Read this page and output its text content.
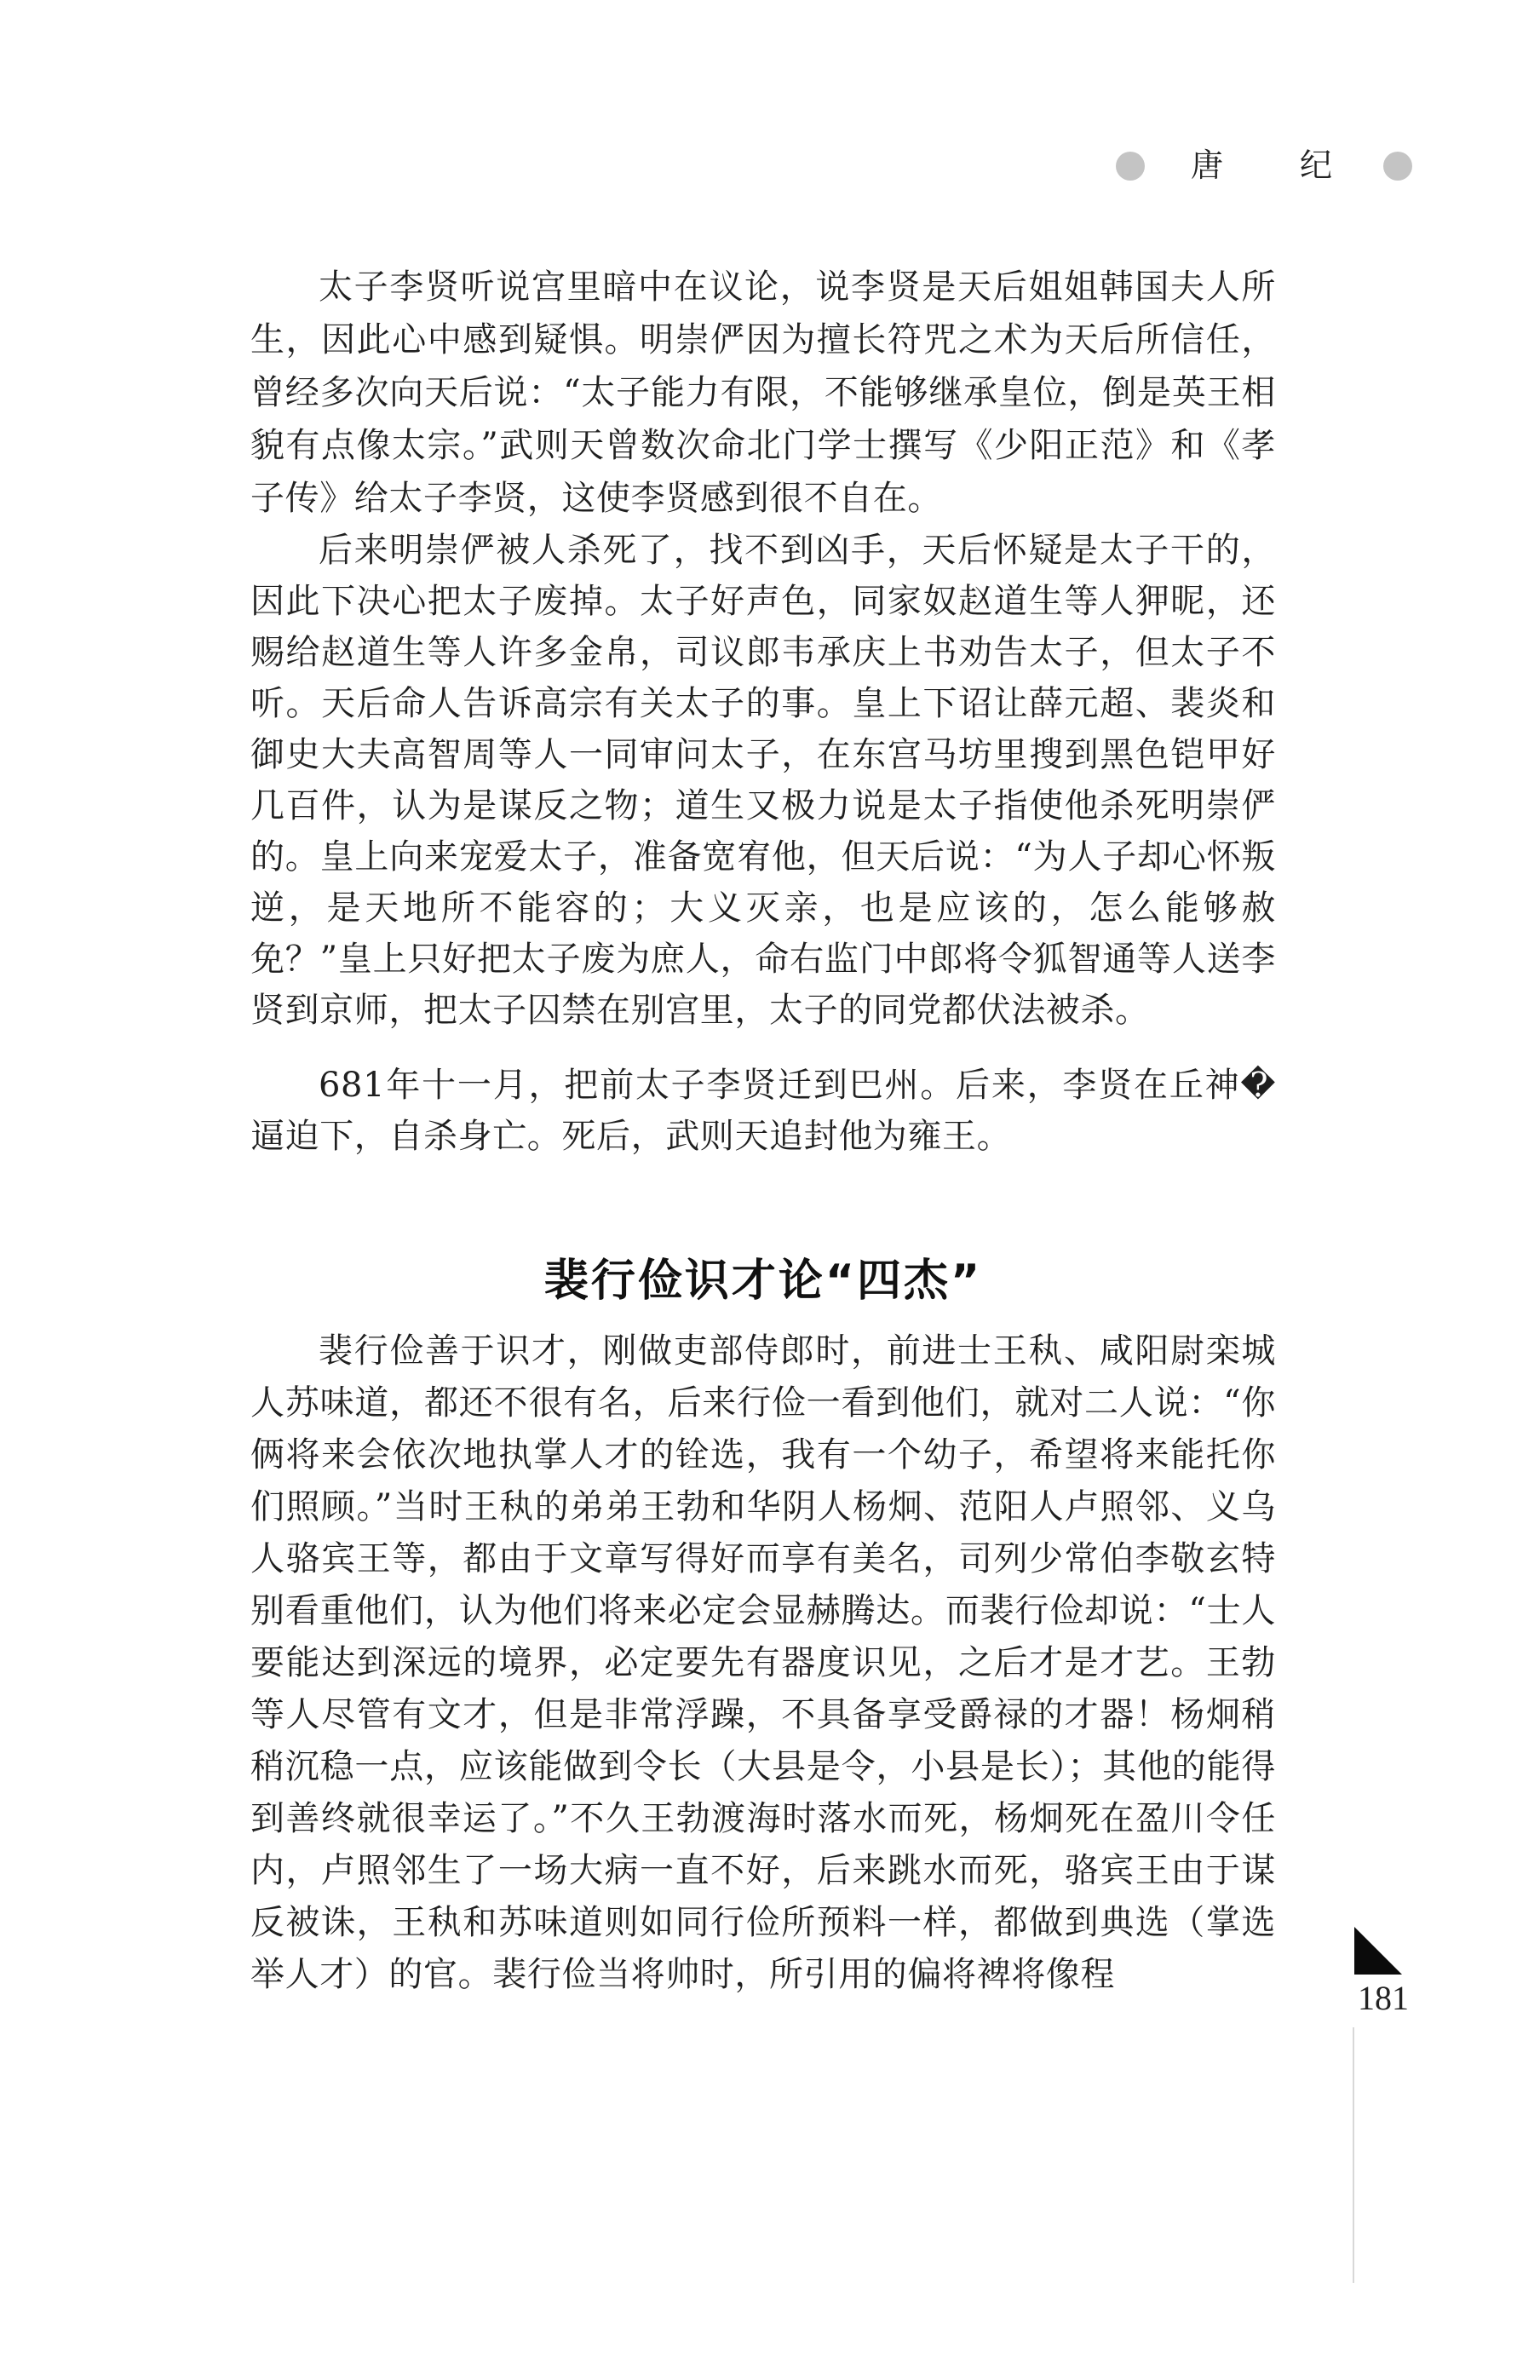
唐 纪

太子李贤听说宫里暗中在议论，说李贤是天后姐姐韩国夫人所生，因此心中感到疑惧。明崇俨因为擅长符咒之术为天后所信任，曾经多次向天后说：“太子能力有限，不能够继承皇位，倒是英王相貌有点像太宗。”武则天曾数次命北门学士撰写《少阳正范》和《孝子传》给太子李贤，这使李贤感到很不自在。

后来明崇俨被人杀死了，找不到凶手，天后怀疑是太子干的，因此下决心把太子废掉。太子好声色，同家奴赵道生等人狎昵，还赐给赵道生等人许多金帛，司议郎韦承庆上书劝告太子，但太子不听。天后命人告诉高宗有关太子的事。皇上下诏让薛元超、裴炎和御史大夫高智周等人一同审问太子，在东宫马坊里搜到黑色铠甲好几百件，认为是谋反之物；道生又极力说是太子指使他杀死明崇俨的。皇上向来宠爱太子，准备宽宥他，但天后说：“为人子却心怀叛逆，是天地所不能容的；大义灭亲，也是应该的，怎么能够赦免？”皇上只好把太子废为庶人，命右监门中郎将令狐智通等人送李贤到京师，把太子囚禁在别宫里，太子的同党都伏法被杀。

681年十一月，把前太子李贤迁到巴州。后来，李贤在丘神�逼迫下，自杀身亡。死后，武则天追封他为雍王。

裴行俭识才论“四杰”

裴行俭善于识才，刚做吏部侍郎时，前进士王秇、咸阳尉栾城人苏味道，都还不很有名，后来行俭一看到他们，就对二人说：“你俩将来会依次地执掌人才的铨选，我有一个幼子，希望将来能托你们照顾。”当时王秇的弟弟王勃和华阴人杨炯、范阳人卢照邻、义乌人骆宾王等，都由于文章写得好而享有美名，司列少常伯李敬玄特别看重他们，认为他们将来必定会显赫腾达。而裴行俭却说：“士人要能达到深远的境界，必定要先有器度识见，之后才是才艺。王勃等人尽管有文才，但是非常浮躁，不具备享受爵禄的才器！杨炯稍稍沉稳一点，应该能做到令长（大县是令，小县是长）；其他的能得到善终就很幸运了。”不久王勃渡海时落水而死，杨炯死在盈川令任内，卢照邻生了一场大病一直不好，后来跳水而死，骆宾王由于谋反被诛，王秇和苏味道则如同行俭所预料一样，都做到典选（掌选举人才）的官。裴行俭当将帅时，所引用的偏将裨将像程

181
